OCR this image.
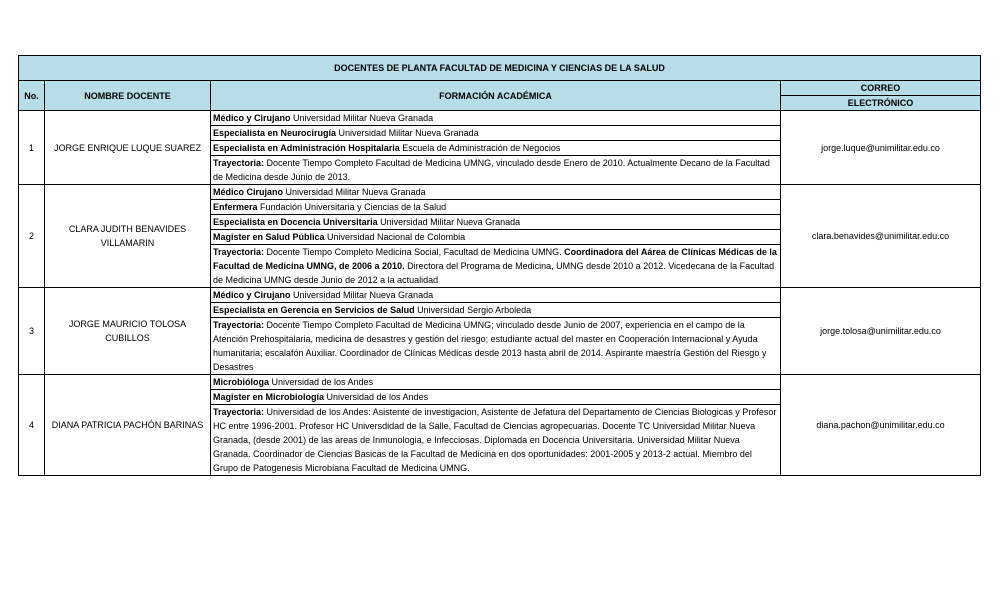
DOCENTES DE PLANTA FACULTAD DE MEDICINA Y CIENCIAS DE LA SALUD			
No.	NOMBRE DOCENTE	FORMACIÓN ACADÉMICA	CORREO
			ELECTRÓNICO
1	JORGE ENRIQUE LUQUE SUAREZ	Médico y Cirujano Universidad Militar Nueva Granada
Especialista en Neurocirugía Universidad Militar Nueva Granada
Especialista en Administración Hospitalaria Escuela de Administración de Negocios
Trayectoria: Docente Tiempo Completo Facultad de Medicina UMNG, vinculado desde Enero de 2010. Actualmente Decano de la Facultad de Medicina desde Junio de 2013.	jorge.luque@unimilitar.edu.co
2	CLARA JUDITH BENAVIDES VILLAMARIN	Médico Cirujano Universidad Militar Nueva Granada
Enfermera Fundación Universitaria y Ciencias de la Salud
Especialista en Docencia Universitaria Universidad Militar Nueva Granada
Magister en Salud Pública Universidad Nacional de Colombia
Trayectoria: Docente Tiempo Completo Medicina Social, Facultad de Medicina UMNG. Coordinadora del Aárea de Clínicas Médicas de la Facultad de Medicina UMNG, de 2006 a 2010. Directora del Programa de Medicina, UMNG desde 2010 a 2012. Vicedecana de la Facultad de Medicina UMNG desde Junio de 2012 a la actualidad	clara.benavides@unimilitar.edu.co
3	JORGE MAURICIO TOLOSA CUBILLOS	Médico y Cirujano Universidad Militar Nueva Granada
Especialista en Gerencia en Servicios de Salud Universidad Sergio Arboleda
Trayectoria: Docente Tiempo Completo Facultad de Medicina UMNG; vinculado desde Junio de 2007, experiencia en el campo de la Atención Prehospitalaria, medicina de desastres y gestión del riesgo; estudiante actual del master en Cooperación Internacional y Ayuda humanitaria; escalafón Auxiliar. Coordinador de Clínicas Médicas desde 2013 hasta abril de 2014. Aspirante maestría Gestión del Riesgo y Desastres	jorge.tolosa@unimilitar.edu.co
4	DIANA PATRICIA PACHÓN BARINAS	Microbióloga Universidad de los Andes
Magister en Microbiología Universidad de los Andes
Trayectoria: Universidad de los Andes: Asistente de investigacion, Asistente de Jefatura del Departamento de Ciencias Biologicas y Profesor HC entre 1996-2001. Profesor HC Universdidad de la Salle, Facultad de Ciencias agropecuarias. Docente TC Universidad Militar Nueva Granada, (desde 2001) de las areas de Inmunologia, e Infecciosas. Diplomada en Docencia Universitaria. Universidad Militar Nueva Granada. Coordinador de Ciencias Basicas de la Facultad de Medicina en dos oportunidades: 2001-2005 y 2013-2 actual. Miembro del Grupo de Patogenesis Microbiana Facultad de Medicina UMNG.	diana.pachon@unimilitar.edu.co
